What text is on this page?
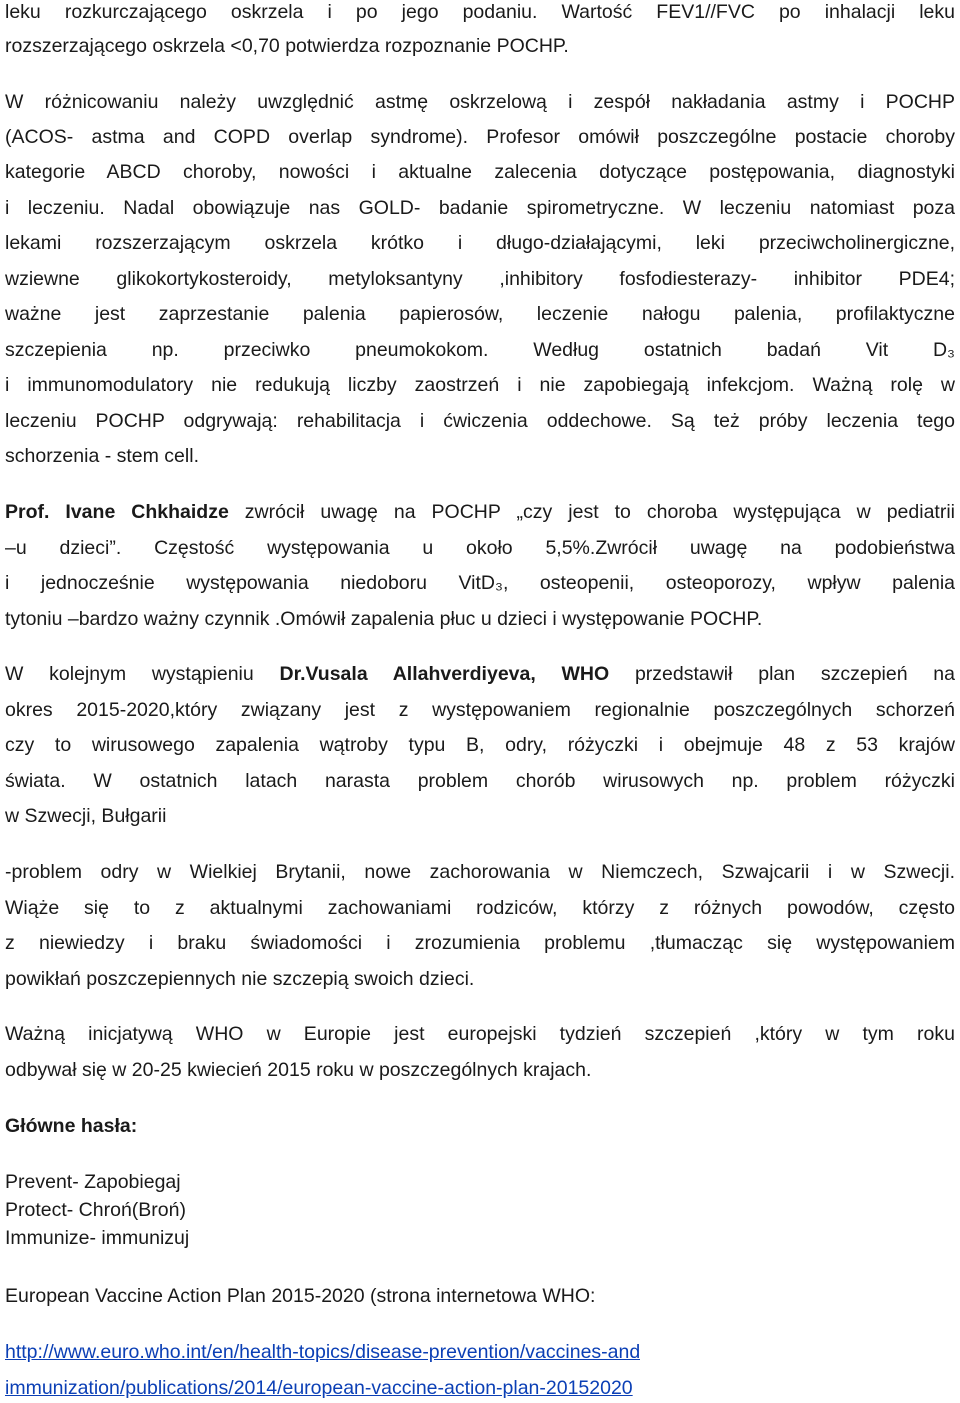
leku rozkurczającego oskrzela i po jego podaniu. Wartość FEV1//FVC po inhalacji leku
rozszerzającego oskrzela <0,70 potwierdza rozpoznanie POCHP.
W różnicowaniu należy uwzględnić astmę oskrzelową i zespół nakładania astmy i POCHP
(ACOS- astma and COPD overlap syndrome). Profesor omówił poszczególne postacie choroby
kategorie ABCD choroby, nowości i aktualne zalecenia dotyczące postępowania, diagnostyki
i leczeniu. Nadal obowiązuje nas GOLD- badanie spirometryczne. W leczeniu natomiast poza
lekami rozszerzającym oskrzela krótko i długo-działającymi, leki przeciwcholinergiczne,
wziewne glikokortykosteroidy, metyloksantyny ,inhibitory fosfodiesterazy- inhibitor PDE4;
ważne jest zaprzestanie palenia papierosów, leczenie nałogu palenia, profilaktyczne
szczepienia np. przeciwko pneumokokom. Według ostatnich badań Vit D₃
i immunomodulatory nie redukują liczby zaostrzeń i nie zapobiegają infekcjom. Ważną rolę w
leczeniu POCHP odgrywają: rehabilitacja i ćwiczenia oddechowe. Są też próby leczenia tego
schorzenia - stem cell.
Prof. Ivane Chkhaidze zwrócił uwagę na POCHP „czy jest to choroba występująca w pediatrii
–u dzieci”. Częstość występowania u około 5,5%.Zwrócił uwagę na podobieństwa
i jednocześnie występowania niedoboru VitD₃, osteopenii, osteoporozy, wpływ palenia
tytoniu –bardzo ważny czynnik .Omówił zapalenia płuc u dzieci i występowanie POCHP.
W kolejnym wystąpieniu Dr.Vusala Allahverdiyeva, WHO przedstawił plan szczepień na
okres 2015-2020,który związany jest z występowaniem regionalnie poszczególnych schorzeń
czy to wirusowego zapalenia wątroby typu B, odry, różyczki i obejmuje 48 z 53 krajów
świata. W ostatnich latach narasta problem chorób wirusowych np. problem różyczki
w Szwecji, Bułgarii
-problem odry w Wielkiej Brytanii, nowe zachorowania w Niemczech, Szwajcarii i w Szwecji.
Wiąże się to z aktualnymi zachowaniami rodziców, którzy z różnych powodów, często
z niewiedzy i braku świadomości i zrozumienia problemu ,tłumacząc się występowaniem
powikłań poszczepiennych nie szczepią swoich dzieci.
Ważną inicjatywą WHO w Europie jest europejski tydzień szczepień ,który w tym roku
odbywał się w 20-25 kwiecień 2015 roku w poszczególnych krajach.
Główne hasła:
Prevent- Zapobiegaj
Protect- Chroń(Broń)
Immunize- immunizuj
European Vaccine Action Plan 2015-2020 (strona internetowa WHO:
http://www.euro.who.int/en/health-topics/disease-prevention/vaccines-and
immunization/publications/2014/european-vaccine-action-plan-20152020
